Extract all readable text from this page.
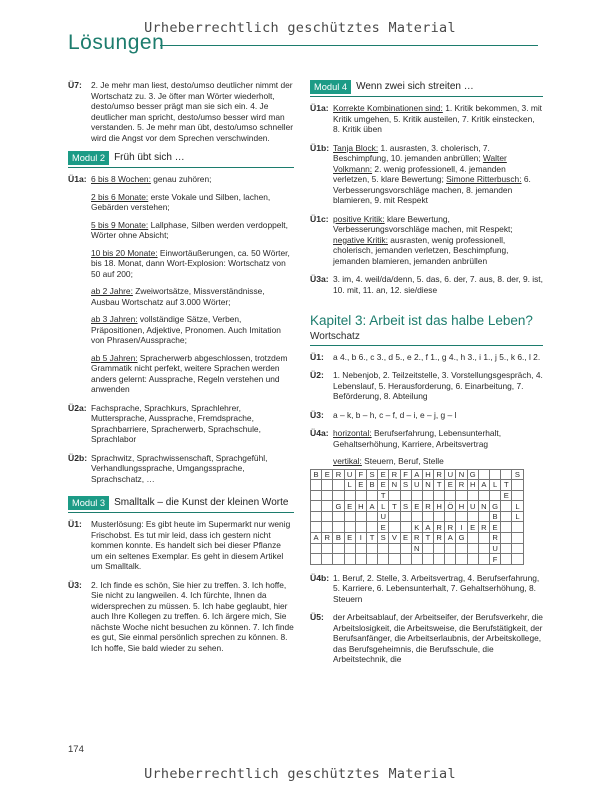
Urheberrechtlich geschütztes Material
Lösungen
Ü7:	2. Je mehr man liest, desto/umso deutlicher nimmt der Wortschatz zu. 3. Je öfter man Wörter wiederholt, desto/umso besser prägt man sie sich ein. 4. Je deutlicher man spricht, desto/umso besser wird man verstanden. 5. Je mehr man übt, desto/umso schneller wird die Angst vor dem Sprechen verschwinden.
Modul 2 Früh übt sich …
Ü1a: 6 bis 8 Wochen: genau zuhören;

2 bis 6 Monate: erste Vokale und Silben, lachen, Gebärden verstehen;

5 bis 9 Monate: Lallphase, Silben werden verdoppelt, Wörter ohne Absicht;

10 bis 20 Monate: Einwortäußerungen, ca. 50 Wörter, bis 18. Monat, dann Wort-Explosion: Wortschatz von 50 auf 200;

ab 2 Jahre: Zweiwortsätze, Missverständnisse, Ausbau Wortschatz auf 3.000 Wörter;

ab 3 Jahren: vollständige Sätze, Verben, Präpositionen, Adjektive, Pronomen. Auch Imitation von Phrasen/Aussprache;

ab 5 Jahren: Spracherwerb abgeschlossen, trotzdem Grammatik nicht perfekt, weitere Sprachen werden anders gelernt: Aussprache, Regeln verstehen und anwenden

Ü2a: Fachsprache, Sprachkurs, Sprachlehrer, Muttersprache, Aussprache, Fremdsprache, Sprachbarriere, Spracherwerb, Sprachschule, Sprachlabor
Ü2b: Sprachwitz, Sprachwissenschaft, Sprachgefühl, Verhandlungssprache, Umgangssprache, Sprachschatz, …
Modul 3 Smalltalk – die Kunst der kleinen Worte
Ü1:	Musterlösung: Es gibt heute im Supermarkt nur wenig Frischobst. Es tut mir leid, dass ich gestern nicht kommen konnte. Es handelt sich bei dieser Pflanze um ein seltenes Exemplar. Es geht in diesem Artikel um Smalltalk.
Ü3:	2. Ich finde es schön, Sie hier zu treffen. 3. Ich hoffe, Sie nicht zu langweilen. 4. Ich fürchte, Ihnen da widersprechen zu müssen. 5. Ich habe geglaubt, hier auch Ihre Kollegen zu treffen. 6. Ich ärgere mich, Sie nächste Woche nicht besuchen zu können. 7. Ich finde es gut, Sie einmal persönlich sprechen zu können. 8. Ich hoffe, Sie bald wieder zu sehen.
Modul 4 Wenn zwei sich streiten …
Ü1a: Korrekte Kombinationen sind: 1. Kritik bekommen, 3. mit Kritik umgehen, 5. Kritik austeilen, 7. Kritik einstecken, 8. Kritik üben
Ü1b: Tanja Block: 1. ausrasten, 3. cholerisch, 7. Beschimpfung, 10. jemanden anbrüllen; Walter Volkmann: 2. wenig professionell, 4. jemanden verletzen, 5. klare Bewertung; Simone Ritterbusch: 6. Verbesserungsvorschläge machen, 8. jemanden blamieren, 9. mit Respekt
Ü1c: positive Kritik: klare Bewertung, Verbesserungsvorschläge machen, mit Respekt; negative Kritik: ausrasten, wenig professionell, cholerisch, jemanden verletzen, Beschimpfung, jemanden blamieren, jemanden anbrüllen
Ü3a: 3. im, 4. weil/da/denn, 5. das, 6. der, 7. aus, 8. der, 9. ist, 10. mit, 11. an, 12. sie/diese
Kapitel 3: Arbeit ist das halbe Leben?
Wortschatz
Ü1:	a 4., b 6., c 3., d 5., e 2., f 1., g 4., h 3., i 1., j 5., k 6., l 2.
Ü2:	1. Nebenjob, 2. Teilzeitstelle, 3. Vorstellungsgespräch, 4. Lebenslauf, 5. Herausforderung, 6. Einarbeitung, 7. Beförderung, 8. Abteilung
Ü3:	a – k, b – h, c – f, d – i, e – j, g – l
Ü4a: horizontal: Berufserfahrung, Lebensunterhalt, Gehaltserhöhung, Karriere, Arbeitsvertrag

vertikal: Steuern, Beruf, Stelle

B	E	R	U	F	S	E	R	F	A	H	R	U	N	G				S
			L	E	B	E	N	S	U	N	T	E	R	H	A	L	T	
						T											E	
		G	E	H	A	L	T	S	E	R	H	Ö	H	U	N	G		L
						U										B		L
						E			K	A	R	R	I	E	R	E		
A	R	B	E	I	T	S	V	E	R	T	R	A	G			R		
									N							U		
																F		
Ü4b: 1. Beruf, 2. Stelle, 3. Arbeitsvertrag, 4. Berufserfahrung, 5. Karriere, 6. Lebensunterhalt, 7. Gehaltserhöhung, 8. Steuern
Ü5:	der Arbeitsablauf, der Arbeitseifer, der Berufsverkehr, die Arbeitslosigkeit, die Arbeitsweise, die Berufstätigkeit, der Berufsanfänger, die Arbeitserlaubnis, der Arbeitskollege, das Berufsgeheimnis, die Berufsschule, die Arbeitstechnik, die
174
Urheberrechtlich geschütztes Material
